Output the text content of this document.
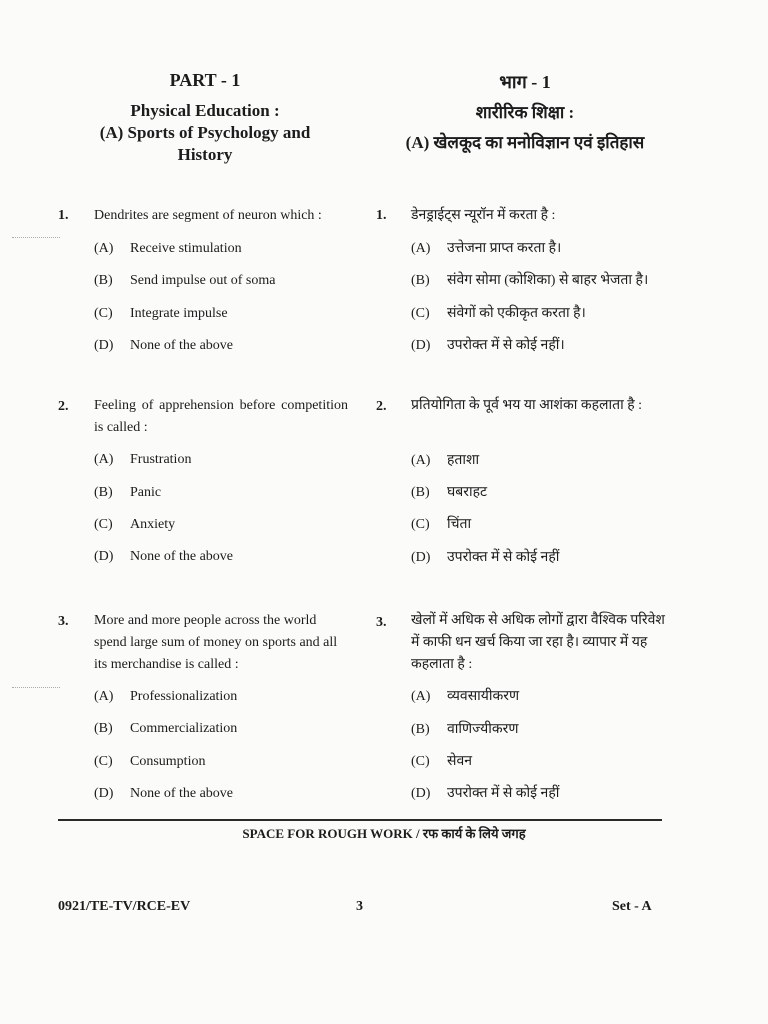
PART - 1
Physical Education :
(A) Sports of Psychology and
History
भाग - 1
शारीरिक शिक्षा :
(A) खेलकूद का मनोविज्ञान एवं इतिहास
1. Dendrites are segment of neuron which :
(A) Receive stimulation
(B) Send impulse out of soma
(C) Integrate impulse
(D) None of the above
1. डेनड्राईट्स न्यूरॉन में करता है :
(A) उत्तेजना प्राप्त करता है।
(B) संवेग सोमा (कोशिका) से बाहर भेजता है।
(C) संवेगों को एकीकृत करता है।
(D) उपरोक्त में से कोई नहीं।
2. Feeling of apprehension before competition is called :
(A) Frustration
(B) Panic
(C) Anxiety
(D) None of the above
2. प्रतियोगिता के पूर्व भय या आशंका कहलाता है :
(A) हताशा
(B) घबराहट
(C) चिंता
(D) उपरोक्त में से कोई नहीं
3. More and more people across the world spend large sum of money on sports and all its merchandise is called :
(A) Professionalization
(B) Commercialization
(C) Consumption
(D) None of the above
3. खेलों में अधिक से अधिक लोगों द्वारा वैश्विक परिवेश में काफी धन खर्च किया जा रहा है। व्यापार में यह कहलाता है :
(A) व्यवसायीकरण
(B) वाणिज्यीकरण
(C) सेवन
(D) उपरोक्त में से कोई नहीं
SPACE FOR ROUGH WORK / रफ कार्य के लिये जगह
0921/TE-TV/RCE-EV	3	Set - A
